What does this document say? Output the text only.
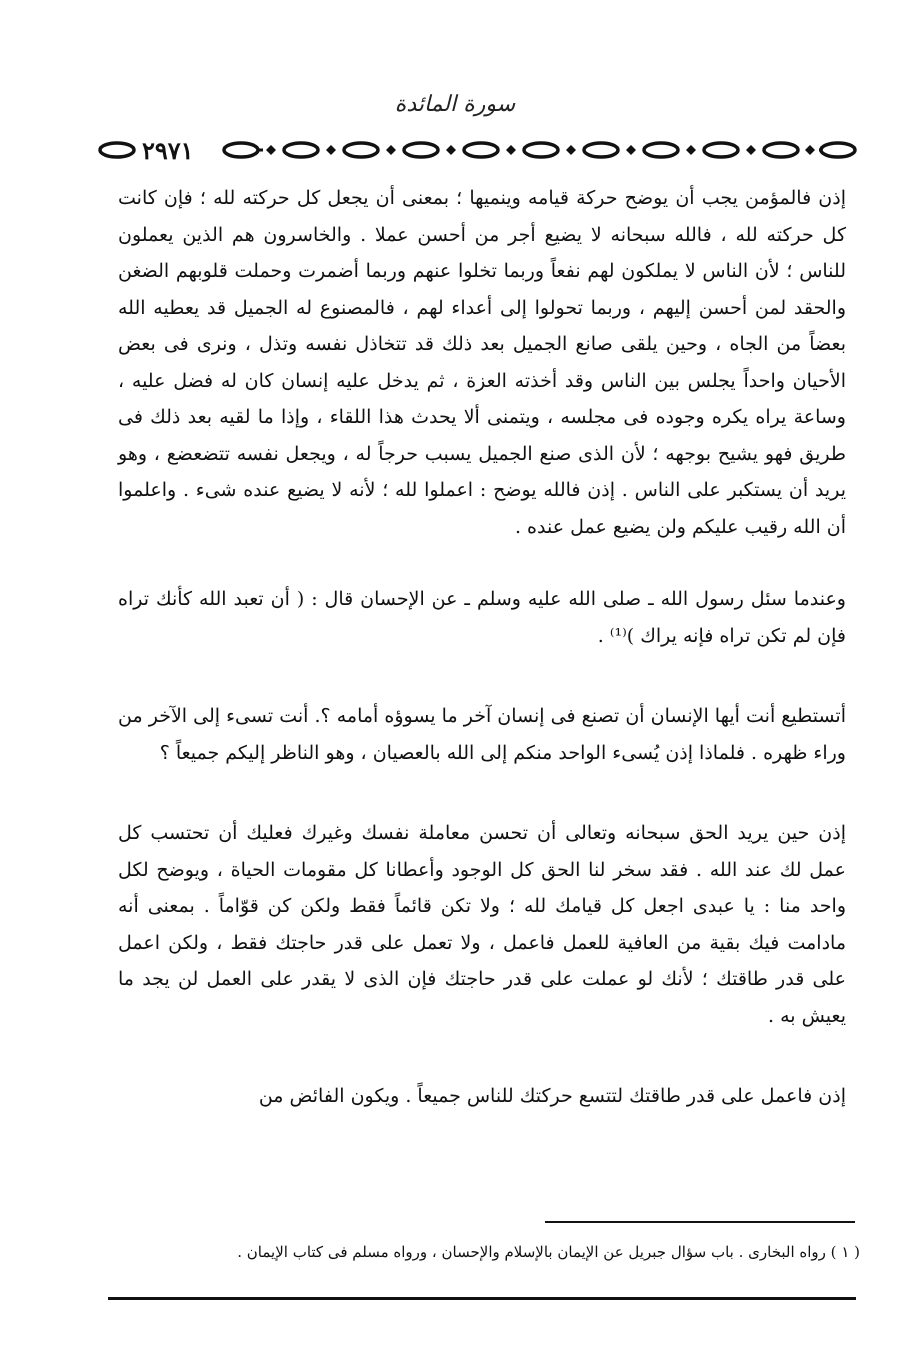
سورة المائدة
٢٩٧١

إذن فالمؤمن يجب أن يوضح حركة قيامه وينميها ؛ بمعنى أن يجعل كل حركته لله ؛ فإن كانت كل حركته لله ، فالله سبحانه لا يضيع أجر من أحسن عملا . والخاسرون هم الذين يعملون للناس ؛ لأن الناس لا يملكون لهم نفعاً وربما تخلوا عنهم وربما أضمرت وحملت قلوبهم الضغن والحقد لمن أحسن إليهم ، وربما تحولوا إلى أعداء لهم ، فالمصنوع له الجميل قد يعطيه الله بعضاً من الجاه ، وحين يلقى صانع الجميل بعد ذلك قد تتخاذل نفسه وتذل ، ونرى فى بعض الأحيان واحداً يجلس بين الناس وقد أخذته العزة ، ثم يدخل عليه إنسان كان له فضل عليه ، وساعة يراه يكره وجوده فى مجلسه ، ويتمنى ألا يحدث هذا اللقاء ، وإذا ما لقيه بعد ذلك فى طريق فهو يشيح بوجهه ؛ لأن الذى صنع الجميل يسبب حرجاً له ، ويجعل نفسه تتضعضع ، وهو يريد أن يستكبر على الناس . إذن فالله يوضح : اعملوا لله ؛ لأنه لا يضيع عنده شىء . واعلموا أن الله رقيب عليكم ولن يضيع عمل عنده .

وعندما سئل رسول الله ـ صلى الله عليه وسلم ـ عن الإحسان قال : ( أن تعبد الله كأنك تراه فإن لم تكن تراه فإنه يراك )⁽¹⁾ .

أتستطيع أنت أيها الإنسان أن تصنع فى إنسان آخر ما يسوؤه أمامه ؟. أنت تسىء إلى الآخر من وراء ظهره . فلماذا إذن يُسىء الواحد منكم إلى الله بالعصيان ، وهو الناظر إليكم جميعاً ؟

إذن حين يريد الحق سبحانه وتعالى أن تحسن معاملة نفسك وغيرك فعليك أن تحتسب كل عمل لك عند الله . فقد سخر لنا الحق كل الوجود وأعطانا كل مقومات الحياة ، ويوضح لكل واحد منا : يا عبدى اجعل كل قيامك لله ؛ ولا تكن قائماً فقط ولكن كن قوّاماً . بمعنى أنه مادامت فيك بقية من العافية للعمل فاعمل ، ولا تعمل على قدر حاجتك فقط ، ولكن اعمل على قدر طاقتك ؛ لأنك لو عملت على قدر حاجتك فإن الذى لا يقدر على العمل لن يجد ما يعيش به .

إذن فاعمل على قدر طاقتك لتتسع حركتك للناس جميعاً . ويكون الفائض من

( ١ ) رواه البخارى . باب سؤال جبريل عن الإيمان بالإسلام والإحسان ، ورواه مسلم فى كتاب الإيمان .
